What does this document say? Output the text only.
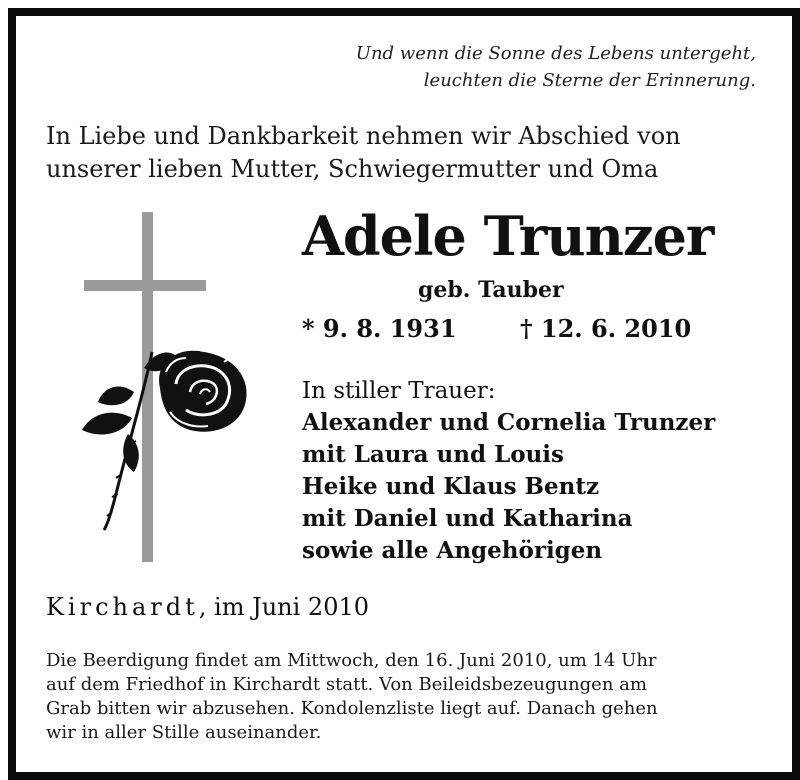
Und wenn die Sonne des Lebens untergeht,
leuchten die Sterne der Erinnerung.
In Liebe und Dankbarkeit nehmen wir Abschied von
unserer lieben Mutter, Schwiegermutter und Oma
Adele Trunzer
geb. Tauber
* 9. 8. 1931	† 12. 6. 2010
In stiller Trauer:
Alexander und Cornelia Trunzer
mit Laura und Louis
Heike und Klaus Bentz
mit Daniel und Katharina
sowie alle Angehörigen
Kirchardt, im Juni 2010
Die Beerdigung findet am Mittwoch, den 16. Juni 2010, um 14 Uhr
auf dem Friedhof in Kirchardt statt. Von Beileidsbezeugungen am
Grab bitten wir abzusehen. Kondolenzliste liegt auf. Danach gehen
wir in aller Stille auseinander.
